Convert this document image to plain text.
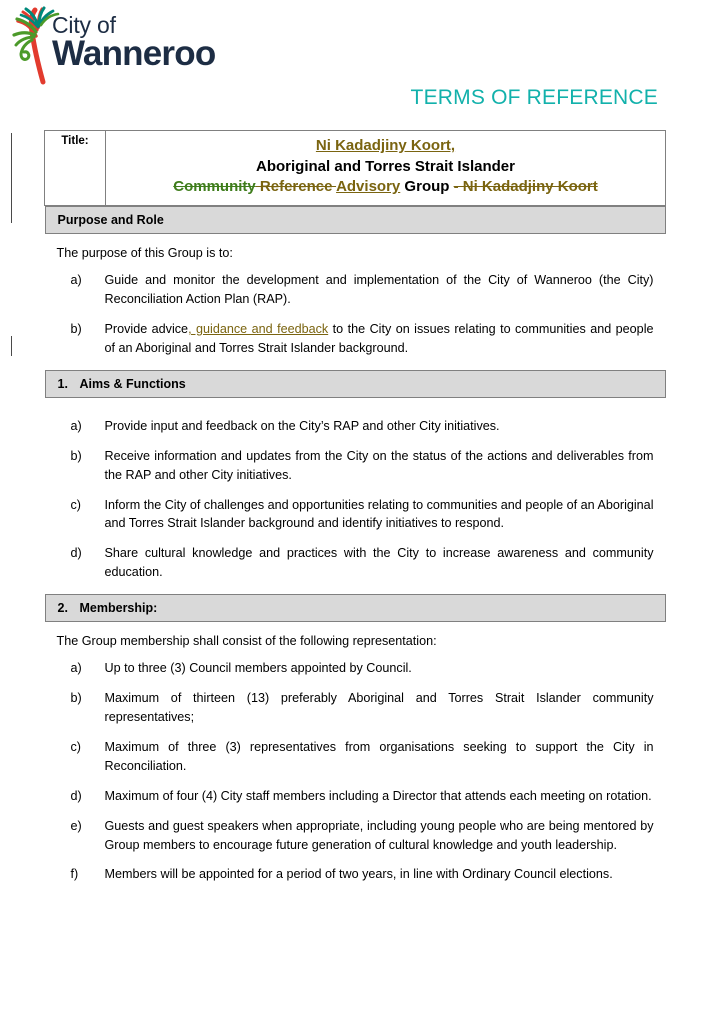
City of
Wanneroo
TERMS OF REFERENCE
Title:	Ni Kadadjiny Koort,
Aboriginal and Torres Strait Islander
Community Reference Advisory Group - Ni Kadadjiny Koort

Purpose and Role

The purpose of this Group is to:

a)	Guide and monitor the development and implementation of the City of Wanneroo (the City) Reconciliation Action Plan (RAP).
b)	Provide advice, guidance and feedback to the City on issues relating to communities and people of an Aboriginal and Torres Strait Islander background.
1. Aims & Functions
a)	Provide input and feedback on the City’s RAP and other City initiatives.
b)	Receive information and updates from the City on the status of the actions and deliverables from the RAP and other City initiatives.
c)	Inform the City of challenges and opportunities relating to communities and people of an Aboriginal and Torres Strait Islander background and identify initiatives to respond.
d)	Share cultural knowledge and practices with the City to increase awareness and community education.
2. Membership:

The Group membership shall consist of the following representation:

a)	Up to three (3) Council members appointed by Council.
b)	Maximum of thirteen (13) preferably Aboriginal and Torres Strait Islander community representatives;
c)	Maximum of three (3) representatives from organisations seeking to support the City in Reconciliation.
d)	Maximum of four (4) City staff members including a Director that attends each meeting on rotation.
e)	Guests and guest speakers when appropriate, including young people who are being mentored by Group members to encourage future generation of cultural knowledge and youth leadership.
f)	Members will be appointed for a period of two years, in line with Ordinary Council elections.
